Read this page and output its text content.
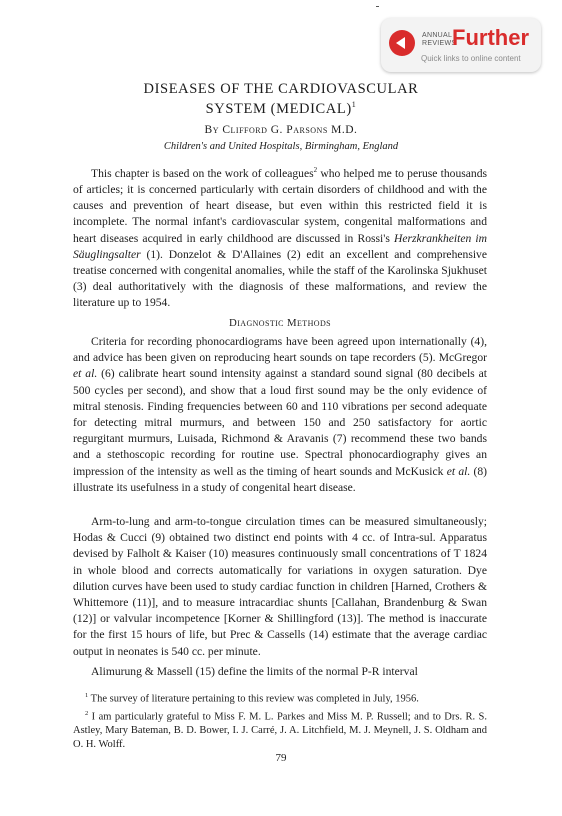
ANNUAL
REVIEWS
Further
Quick links to online content
DISEASES OF THE CARDIOVASCULAR
SYSTEM (MEDICAL)$^1$
By Clifford G. Parsons M.D.
Children's and United Hospitals, Birmingham, England

This chapter is based on the work of colleagues$^2$ who helped me to peruse thousands of articles; it is concerned particularly with certain disorders of childhood and with the causes and prevention of heart disease, but even within this restricted field it is incomplete. The normal infant's cardiovascular system, congenital malformations and heart diseases acquired in early childhood are discussed in Rossi's Herzkrankheiten im Säuglingsalter (1). Donzelot & D'Allaines (2) edit an excellent and comprehensive treatise concerned with congenital anomalies, while the staff of the Karolinska Sjukhuset (3) deal authoritatively with the diagnosis of these malformations, and review the literature up to 1954.

Diagnostic Methods

Criteria for recording phonocardiograms have been agreed upon internationally (4), and advice has been given on reproducing heart sounds on tape recorders (5). McGregor et al. (6) calibrate heart sound intensity against a standard sound signal (80 decibels at 500 cycles per second), and show that a loud first sound may be the only evidence of mitral stenosis. Finding frequencies between 60 and 110 vibrations per second adequate for detecting mitral murmurs, and between 150 and 250 satisfactory for aortic regurgitant murmurs, Luisada, Richmond & Aravanis (7) recommend these two bands and a stethoscopic recording for routine use. Spectral phonocardiography gives an impression of the intensity as well as the timing of heart sounds and McKusick et al. (8) illustrate its usefulness in a study of congenital heart disease.

Arm-to-lung and arm-to-tongue circulation times can be measured simultaneously; Hodas & Cucci (9) obtained two distinct end points with 4 cc. of Intra-sul. Apparatus devised by Falholt & Kaiser (10) measures continuously small concentrations of T 1824 in whole blood and corrects automatically for variations in oxygen saturation. Dye dilution curves have been used to study cardiac function in children [Harned, Crothers & Whittemore (11)], and to measure intracardiac shunts [Callahan, Brandenburg & Swan (12)] or valvular incompetence [Korner & Shillingford (13)]. The method is inaccurate for the first 15 hours of life, but Prec & Cassells (14) estimate that the average cardiac output in neonates is 540 cc. per minute.

Alimurung & Massell (15) define the limits of the normal P-R interval

$^1$ The survey of literature pertaining to this review was completed in July, 1956.

$^2$ I am particularly grateful to Miss F. M. L. Parkes and Miss M. P. Russell; and to Drs. R. S. Astley, Mary Bateman, B. D. Bower, I. J. Carré, J. A. Litchfield, M. J. Meynell, J. S. Oldham and O. H. Wolff.

79
